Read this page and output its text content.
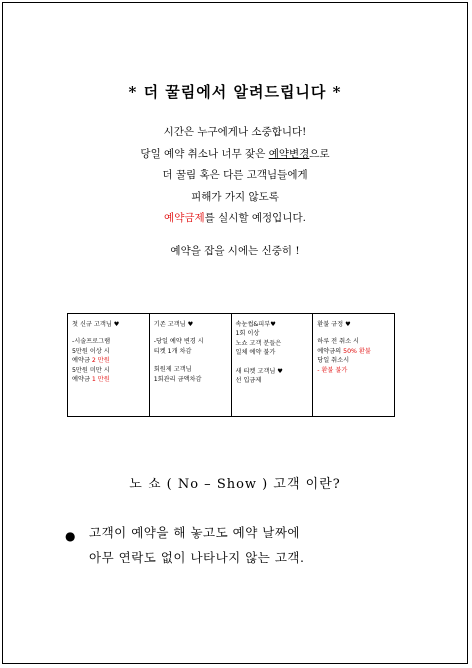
* 더 꿀림에서 알려드립니다 *
시간은 누구에게나 소중합니다!
당일 예약 취소나 너무 잦은 예약변경으로
더 꿀림 혹은 다른 고객님들에게
피해가 가지 않도록
예약금제를 실시할 예정입니다.
예약을 잡을 시에는 신중히 !
첫 신규 고객님 ♥
-시술프로그램
5만원 이상 시
예약금 2 만원
5만원 미만 시
예약금 1 만원

기존 고객님 ♥
-당일 예약 변경 시
티켓 1개 차감
회원제 고객님
1회관리 금액차감

속눈썹&피부♥
1회 이상
노쇼 고객 분들은
일체 예약 불가
새 티켓 고객님 ♥
선 입금제

환불 규정 ♥
하루 전 취소 시
예약금의 50% 환불
당일 취소시
- 환불 불가
노 쇼 ( No – Show ) 고객 이란?
● 고객이 예약을 해 놓고도 예약 날짜에
아무 연락도 없이 나타나지 않는 고객.
